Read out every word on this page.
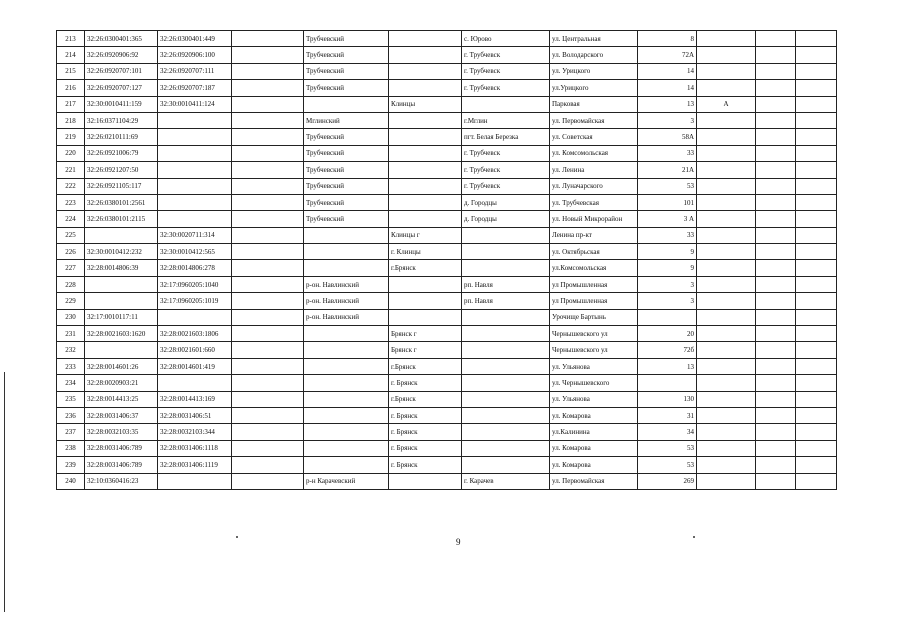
213	32:26:0300401:365	32:26:0300401:449		Трубчевский		с. Юрово	ул. Центральная	8			
214	32:26:0920906:92	32:26:0920906:100		Трубчевский		г. Трубчевск	ул. Володарского	72А			
215	32:26:0920707:101	32:26:0920707:111		Трубчевский		г. Трубчевск	ул. Урицкого	14			
216	32:26:0920707:127	32:26:0920707:187		Трубчевский		г. Трубчевск	ул.Урицкого	14			
217	32:30:0010411:159	32:30:0010411:124			Клинцы		Парковая	13	А		
218	32:16:0371104:29			Мглинский		г.Мглин	ул. Первомайская	3			
219	32:26:0210111:69			Трубчевский		пгт. Белая Березка	ул. Советская	58А			
220	32:26:0921006:79			Трубчевский		г. Трубчевск	ул. Комсомольская	33			
221	32:26:0921207:50			Трубчевский		г. Трубчевск	ул. Ленина	21А			
222	32:26:0921105:117			Трубчевский		г. Трубчевск	ул. Луначарского	53			
223	32:26:0380101:2561			Трубчевский		д. Городцы	ул. Трубчевская	101			
224	32:26:0380101:2115			Трубчевский		д. Городцы	ул. Новый Микрорайон	3 А			
225		32:30:0020711:314			Клинцы г		Ленина пр-кт	33			
226	32:30:0010412:232	32:30:0010412:565			г. Клинцы		ул. Октябрьская	9			
227	32:28:0014806:39	32:28:0014806:278			г.Брянск		ул.Комсомольская	9			
228		32:17:0960205:1040		р-он. Навлинский		рп. Навля	ул Промышленная	3			
229		32:17:0960205:1019		р-он. Навлинский		рп. Навля	ул Промышленная	3			
230	32:17:0010117:11			р-он. Навлинский			Урочище Бартынь				
231	32:28:0021603:1620	32:28:0021603:1806			Брянск г		Чернышевского ул	20			
232		32:28:0021601:660			Брянск г		Чернышевского ул	72б			
233	32:28:0014601:26	32:28:0014601:419			г.Брянск		ул. Ульянова	13			
234	32:28:0020903:21				г. Брянск		ул. Чернышевского				
235	32:28:0014413:25	32:28:0014413:169			г.Брянск		ул. Ульянова	130			
236	32:28:0031406:37	32:28:0031406:51			г. Брянск		ул. Комарова	31			
237	32:28:0032103:35	32:28:0032103:344			г. Брянск		ул.Калинина	34			
238	32:28:0031406:789	32:28:0031406:1118			г. Брянск		ул. Комарова	53			
239	32:28:0031406:789	32:28:0031406:1119			г. Брянск		ул. Комарова	53			
240	32:10:0360416:23			р-н Карачевский		г. Карачев	ул. Первомайская	269			
9
